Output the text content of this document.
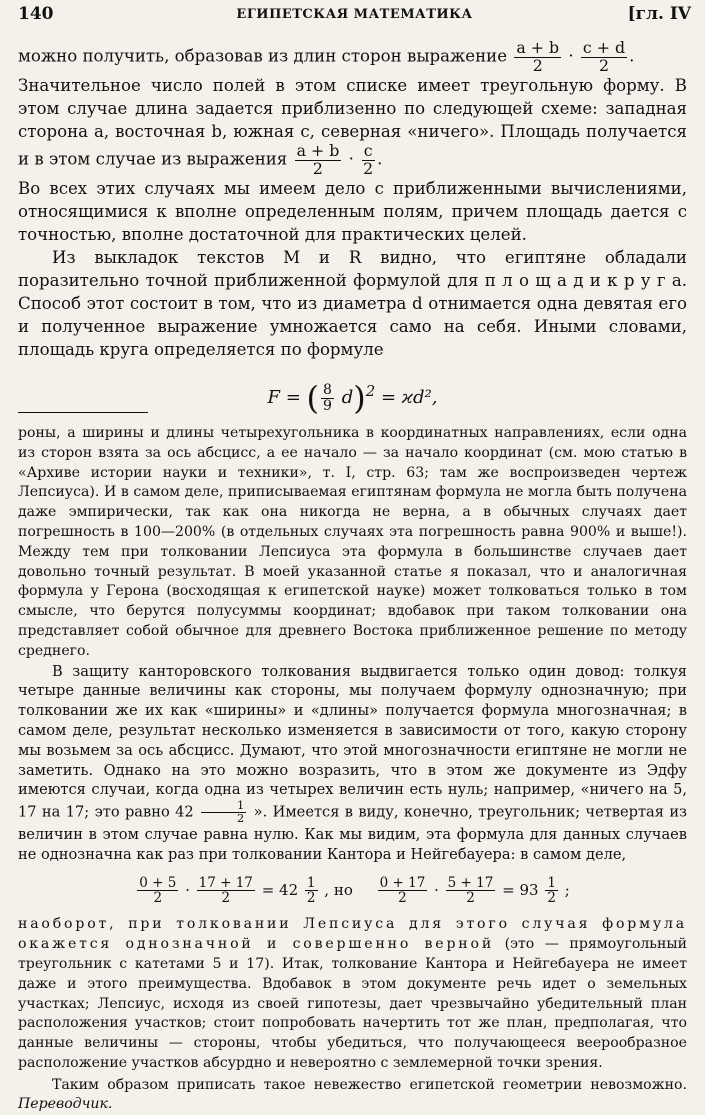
140	ЕГИПЕТСКАЯ МАТЕМАТИКА	[гл. IV

можно получить, образовав из длин сторон выражение $\frac{a + b}{2} \cdot \frac{c + d}{2}$ .

Значительное число полей в этом списке имеет треугольную форму. В этом случае длина задается приблизенно по следующей схеме: западная сторона a, восточная b, южная c, северная «ничего». Площадь получается и в этом случае из выражения $\frac{a + b}{2} \cdot \frac{c}{2}$ .

Во всех этих случаях мы имеем дело с приближенными вычислениями, относящимися к вполне определенным полям, причем площадь дается с точностью, вполне достаточной для практических целей.

Из выкладок текстов M и R видно, что египтяне обладали поразительно точной приближенной формулой для п л о щ а д и к р у г а. Способ этот состоит в том, что из диаметра d отнимается одна девятая его и полученное выражение умножается само на себя. Иными словами, площадь круга определяется по формуле

F = ( $\frac{8}{9} d)^2 = ϰd^2$,

роны, а ширины и длины четырехугольника в координатных направлениях, если одна из сторон взята за ось абсцисс, а ее начало — за начало координат (см. мою статью в «Архиве истории науки и техники», т. I, стр. 63; там же воспроизведен чертеж Лепсиуса). И в самом деле, приписываемая египтянам формула не могла быть получена даже эмпирически, так как она никогда не верна, а в обычных случаях дает погрешность в 100—200% (в отдельных случаях эта погрешность равна 900% и выше!). Между тем при толковании Лепсиуса эта формула в большинстве случаев дает довольно точный результат. В моей указанной статье я показал, что и аналогичная формула у Герона (восходящая к египетской науке) может толковаться только в том смысле, что берутся полусуммы координат; вдобавок при таком толковании она представляет собой обычное для древнего Востока приближенное решение по методу среднего.

В защиту канторовского толкования выдвигается только один довод: толкуя четыре данные величины как стороны, мы получаем формулу однозначную; при толковании же их как «ширины» и «длины» получается формула многозначная; в самом деле, результат несколько изменяется в зависимости от того, какую сторону мы возьмем за ось абсцисс. Думают, что этой многозначности египтяне не могли не заметить. Однако на это можно возразить, что в этом же документе из Эдфу имеются случаи, когда одна из четырех величин есть нуль; например, «ничего на 5, 17 на 17; это равно $42 \frac{1}{2}$ ». Имеется в виду, конечно, треугольник; четвертая из величин в этом случае равна нулю. Как мы видим, эта формула для данных случаев не однозначна как раз при толковании Кантора и Нейгебауера: в самом деле,

$\frac{0 + 5}{2} \cdot \frac{17 + 17}{2} = 42 \frac{1}{2}$ , но $\frac{0 + 17}{2} \cdot \frac{5 + 17}{2} = 93 \frac{1}{2}$ ;

наоборот, при толковании Лепсиуса для этого случая формула окажется однозначной и совершенно верной (это — прямоугольный треугольник с катетами 5 и 17). Итак, толкование Кантора и Нейгебауера не имеет даже и этого преимущества. Вдобавок в этом документе речь идет о земельных участках; Лепсиус, исходя из своей гипотезы, дает чрезвычайно убедительный план расположения участков; стоит попробовать начертить тот же план, предполагая, что данные величины — стороны, чтобы убедиться, что получающееся веерообразное расположение участков абсурдно и невероятно с землемерной точки зрения.

Таким образом приписать такое невежество египетской геометрии невозможно. Переводчик.
